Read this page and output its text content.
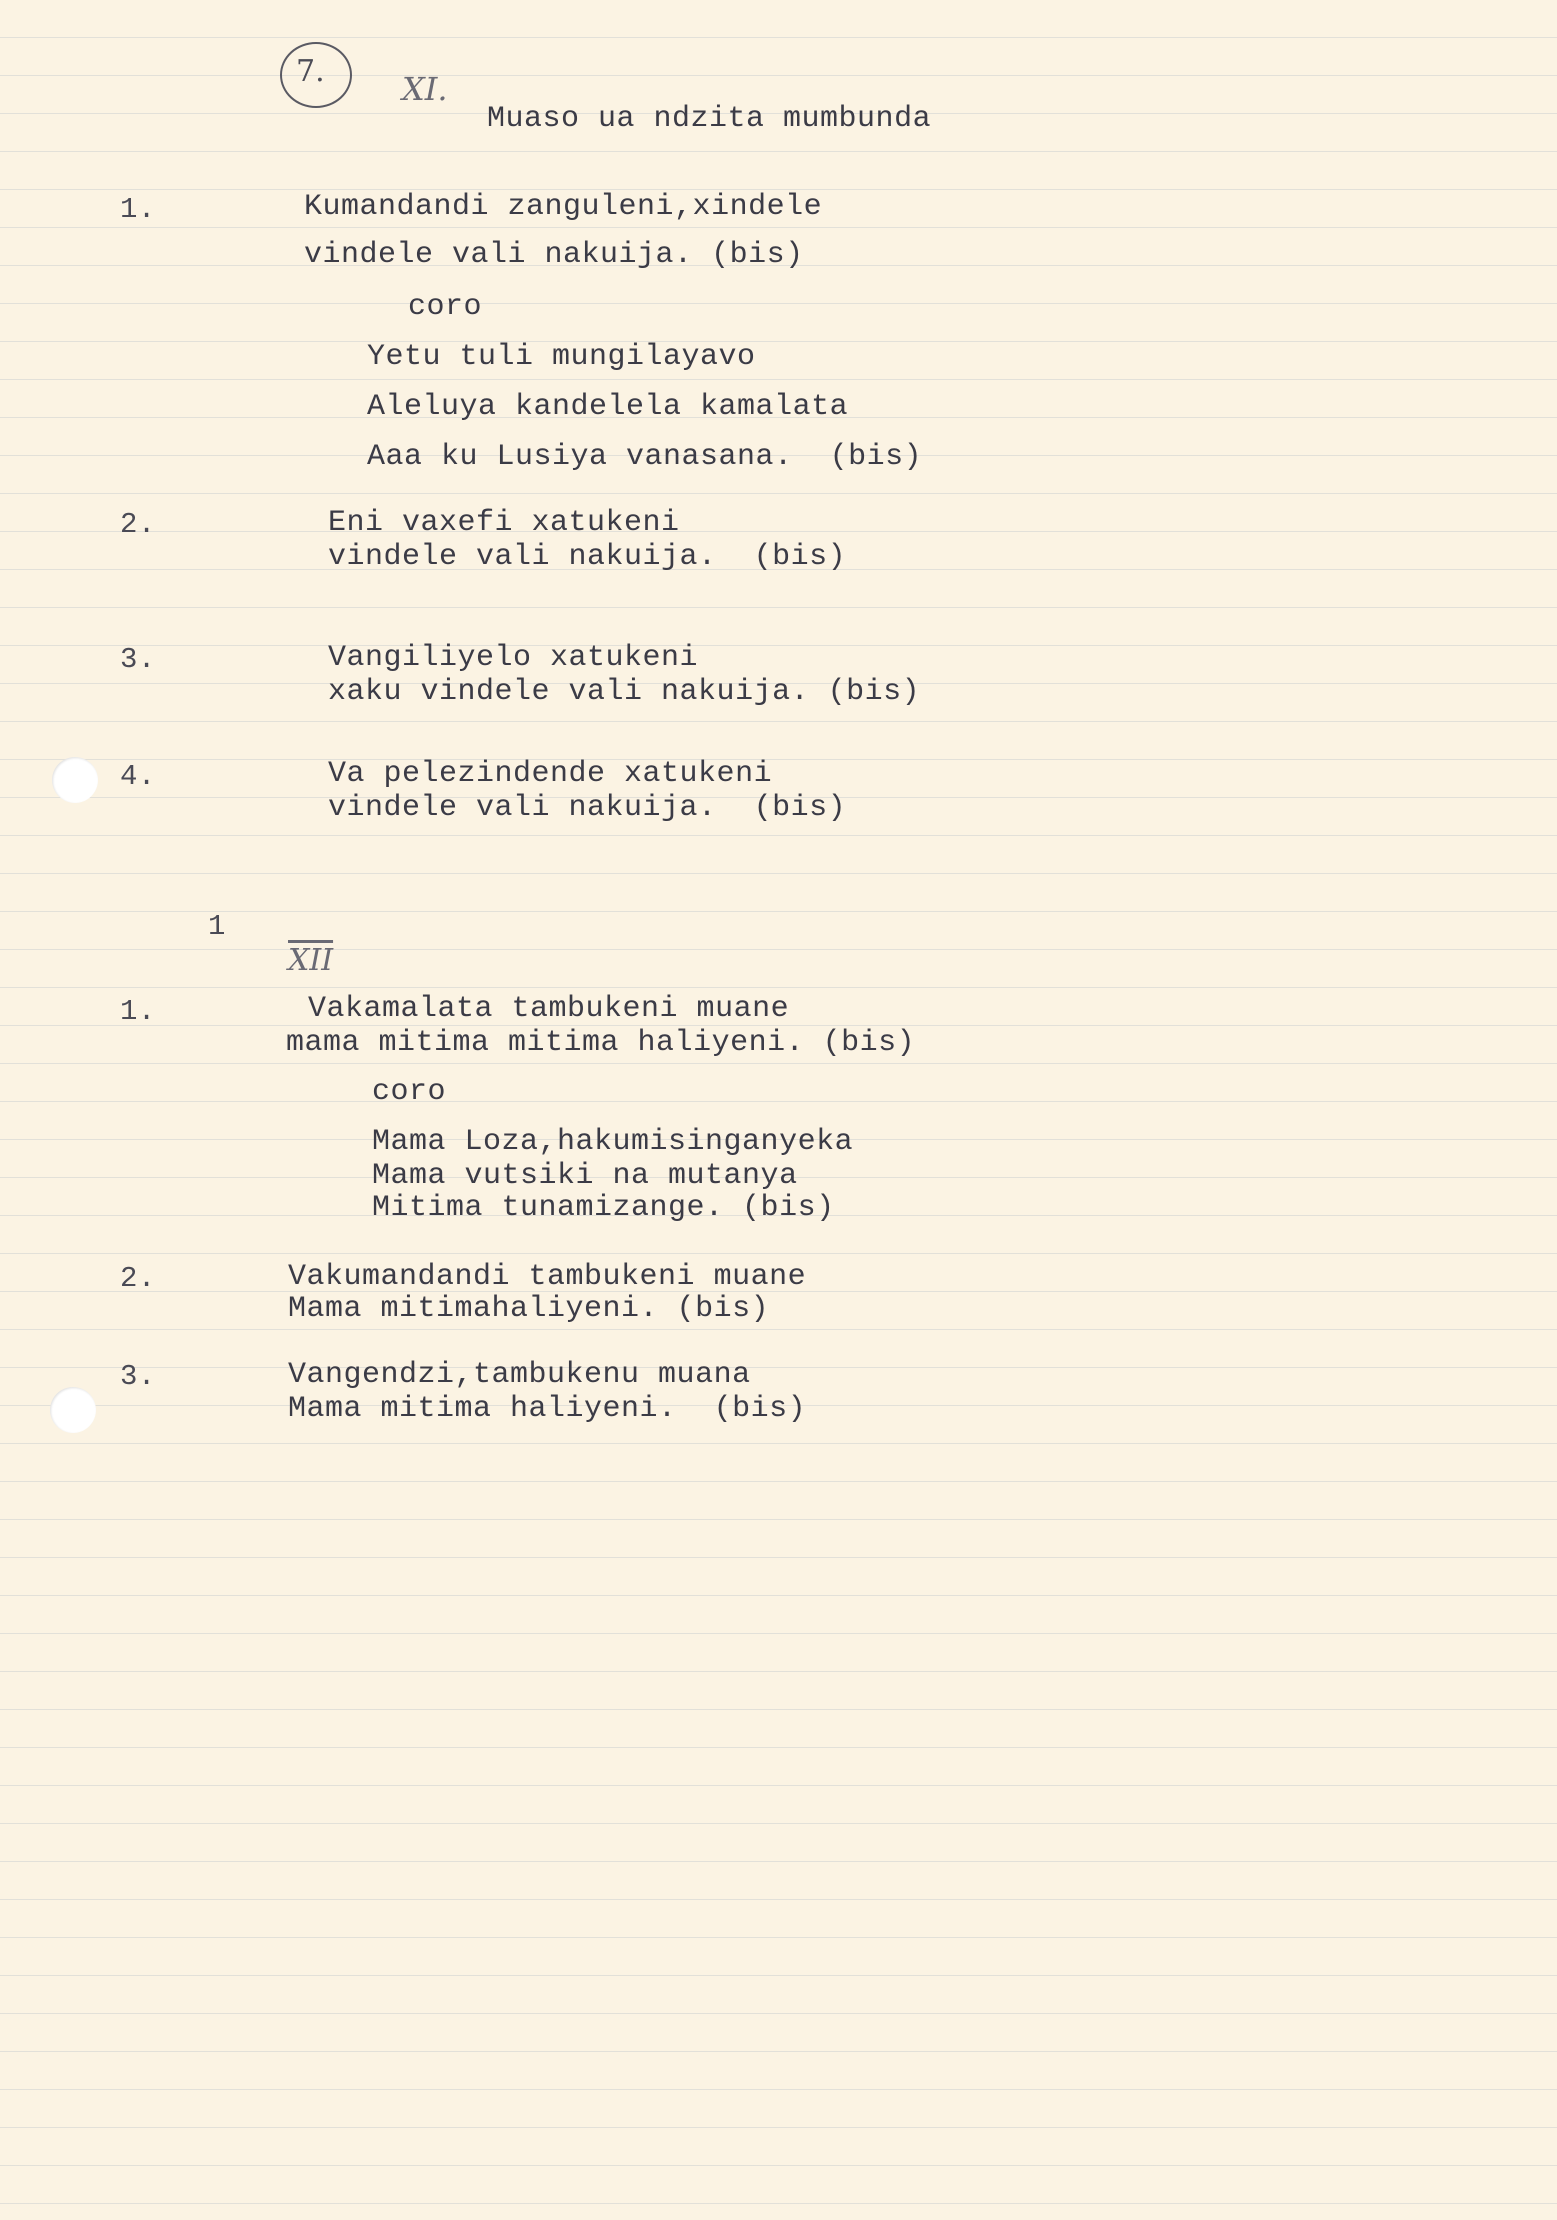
7. XI.
Muaso ua ndzita mumbunda
1.	Kumandandi zanguleni,xindele
vindele vali nakuija. (bis)
coro
Yetu tuli mungilayavo
Aleluya kandelela kamalata
Aaa ku Lusiya vanasana.  (bis)
2.	Eni vaxefi xatukeni
vindele vali nakuija.  (bis)
3.	Vangiliyelo xatukeni
xaku vindele vali nakuija. (bis)
4.	Va pelezindende xatukeni
vindele vali nakuija.  (bis)
1
$\overline{XII}$
1.	Vakamalata tambukeni muane
mama mitima mitima haliyeni. (bis)
coro
Mama Loza,hakumisinganyeka
Mama vutsiki na mutanya
Mitima tunamizange. (bis)
2.	Vakumandandi tambukeni muane
Mama mitimahaliyeni. (bis)
3.	Vangendzi,tambukenu muana
Mama mitima haliyeni.  (bis)
